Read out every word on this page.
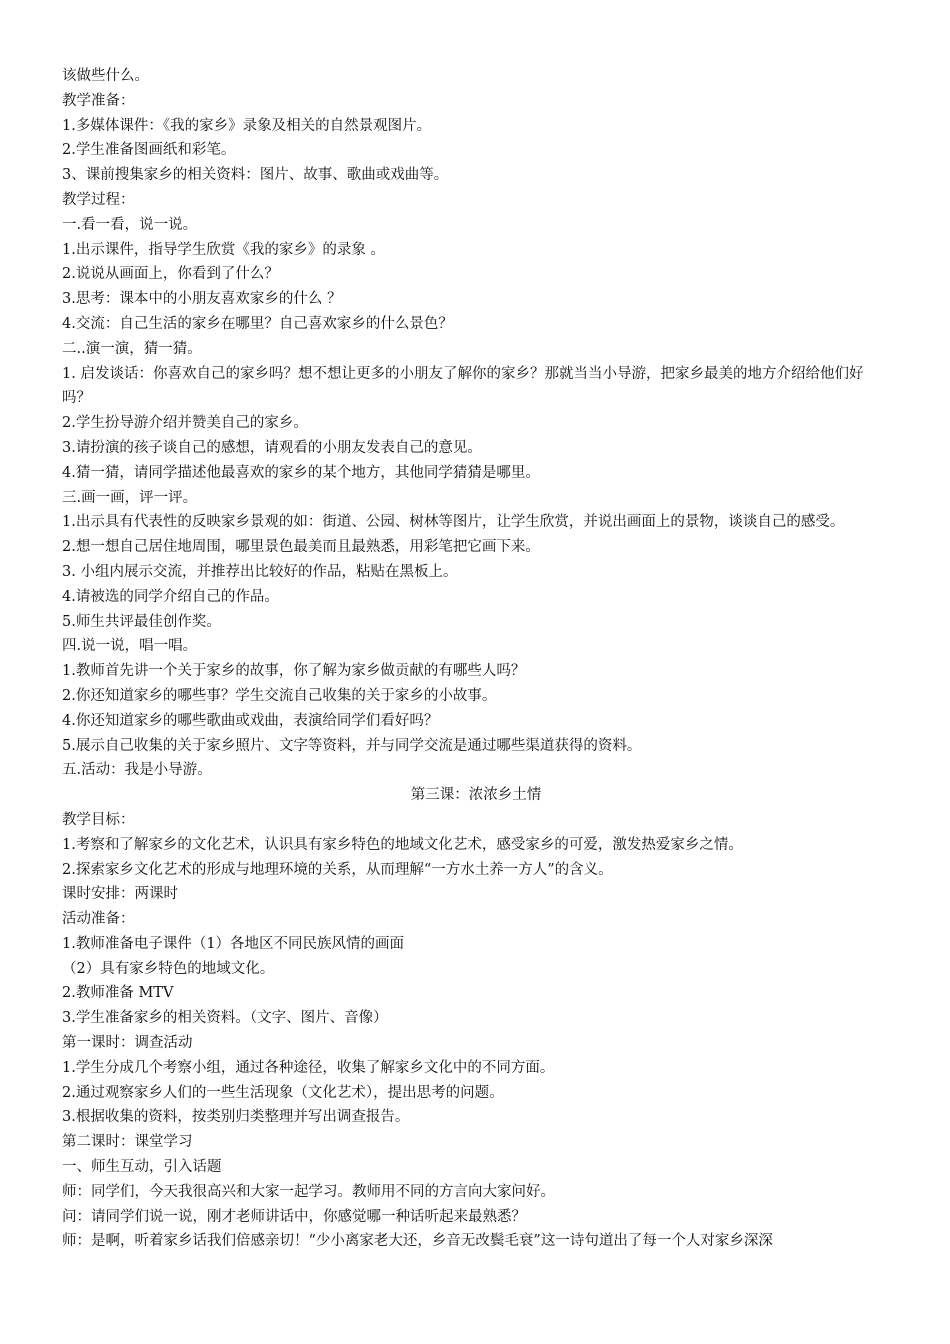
该做些什么。

教学准备：

1.多媒体课件：《我的家乡》录象及相关的自然景观图片。

2.学生准备图画纸和彩笔。

3、课前搜集家乡的相关资料：图片、故事、歌曲或戏曲等。

教学过程：

一.看一看，说一说。

1.出示课件，指导学生欣赏《我的家乡》的录象 。

2.说说从画面上，你看到了什么？

3.思考：课本中的小朋友喜欢家乡的什么 ？

4.交流：自己生活的家乡在哪里？自己喜欢家乡的什么景色？

二..演一演，猜一猜。

1. 启发谈话：你喜欢自己的家乡吗？想不想让更多的小朋友了解你的家乡？那就当当小导游，把家乡最美的地方介绍给他们好吗？

2.学生扮导游介绍并赞美自己的家乡。

3.请扮演的孩子谈自己的感想，请观看的小朋友发表自己的意见。

4.猜一猜，请同学描述他最喜欢的家乡的某个地方，其他同学猜猜是哪里。

三.画一画，评一评。

1.出示具有代表性的反映家乡景观的如：街道、公园、树林等图片，让学生欣赏，并说出画面上的景物，谈谈自己的感受。

2.想一想自己居住地周围，哪里景色最美而且最熟悉，用彩笔把它画下来。

3. 小组内展示交流，并推荐出比较好的作品，粘贴在黑板上。

4.请被选的同学介绍自己的作品。

5.师生共评最佳创作奖。

四.说一说，唱一唱。

1.教师首先讲一个关于家乡的故事，你了解为家乡做贡献的有哪些人吗？

2.你还知道家乡的哪些事？学生交流自己收集的关于家乡的小故事。

4.你还知道家乡的哪些歌曲或戏曲，表演给同学们看好吗？

5.展示自己收集的关于家乡照片、文字等资料，并与同学交流是通过哪些渠道获得的资料。

五.活动：我是小导游。

第三课：浓浓乡土情

教学目标：

1.考察和了解家乡的文化艺术，认识具有家乡特色的地域文化艺术，感受家乡的可爱，激发热爱家乡之情。

2.探索家乡文化艺术的形成与地理环境的关系，从而理解“一方水土养一方人”的含义。

课时安排：两课时

活动准备：

1.教师准备电子课件（1）各地区不同民族风情的画面

（2）具有家乡特色的地域文化。

2.教师准备 MTV

3.学生准备家乡的相关资料。（文字、图片、音像）

第一课时：调查活动

1.学生分成几个考察小组，通过各种途径，收集了解家乡文化中的不同方面。

2.通过观察家乡人们的一些生活现象（文化艺术），提出思考的问题。

3.根据收集的资料，按类别归类整理并写出调查报告。

第二课时：课堂学习

一、师生互动，引入话题

师：同学们，今天我很高兴和大家一起学习。教师用不同的方言向大家问好。

问：请同学们说一说，刚才老师讲话中，你感觉哪一种话听起来最熟悉？

师：是啊，听着家乡话我们倍感亲切！“少小离家老大还，乡音无改鬓毛衰”这一诗句道出了每一个人对家乡深深
